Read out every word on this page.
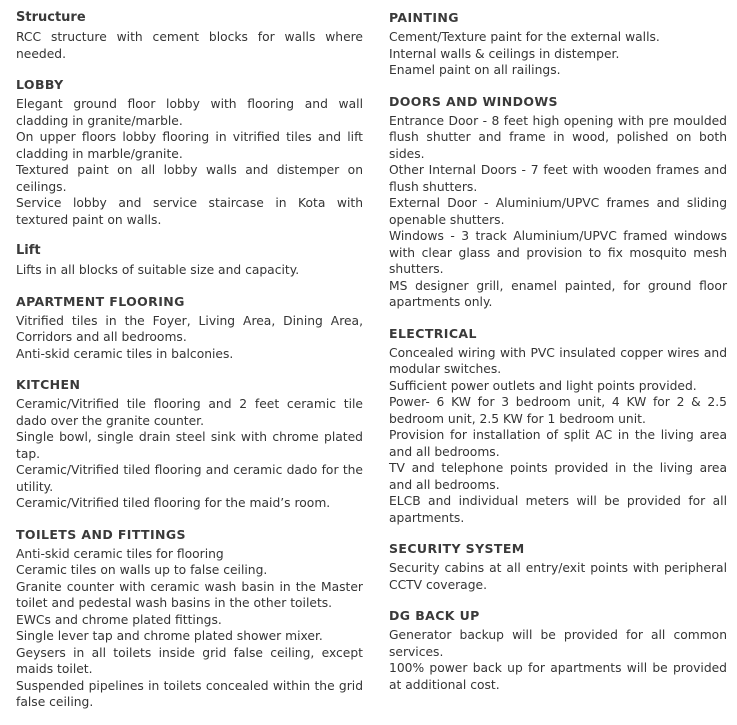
Structure

RCC structure with cement blocks for walls where needed.

LOBBY

Elegant ground floor lobby with flooring and wall cladding in granite/marble.

On upper floors lobby flooring in vitrified tiles and lift cladding in marble/granite.

Textured paint on all lobby walls and distemper on ceilings.

Service lobby and service staircase in Kota with textured paint on walls.

Lift

Lifts in all blocks of suitable size and capacity.

APARTMENT FLOORING

Vitrified tiles in the Foyer, Living Area, Dining Area, Corridors and all bedrooms.

Anti-skid ceramic tiles in balconies.

KITCHEN

Ceramic/Vitrified tile flooring and 2 feet ceramic tile dado over the granite counter.

Single bowl, single drain steel sink with chrome plated tap.

Ceramic/Vitrified tiled flooring and ceramic dado for the utility.

Ceramic/Vitrified tiled flooring for the maid’s room.

TOILETS AND FITTINGS

Anti-skid ceramic tiles for flooring

Ceramic tiles on walls up to false ceiling.

Granite counter with ceramic wash basin in the Master toilet and pedestal wash basins in the other toilets.

EWCs and chrome plated fittings.

Single lever tap and chrome plated shower mixer.

Geysers in all toilets inside grid false ceiling, except maids toilet.

Suspended pipelines in toilets concealed within the grid false ceiling.

PAINTING

Cement/Texture paint for the external walls.

Internal walls & ceilings in distemper.

Enamel paint on all railings.

DOORS AND WINDOWS

Entrance Door - 8 feet high opening with pre moulded flush shutter and frame in wood, polished on both sides.

Other Internal Doors - 7 feet with wooden frames and flush shutters.

External Door - Aluminium/UPVC frames and sliding openable shutters.

Windows - 3 track Aluminium/UPVC framed windows with clear glass and provision to fix mosquito mesh shutters.

MS designer grill, enamel painted, for ground floor apartments only.

ELECTRICAL

Concealed wiring with PVC insulated copper wires and modular switches.

Sufficient power outlets and light points provided.

Power- 6 KW for 3 bedroom unit, 4 KW for 2 & 2.5 bedroom unit, 2.5 KW for 1 bedroom unit.

Provision for installation of split AC in the living area and all bedrooms.

TV and telephone points provided in the living area and all bedrooms.

ELCB and individual meters will be provided for all apartments.

SECURITY SYSTEM

Security cabins at all entry/exit points with peripheral CCTV coverage.

DG BACK UP

Generator backup will be provided for all common services.

100% power back up for apartments will be provided at additional cost.
